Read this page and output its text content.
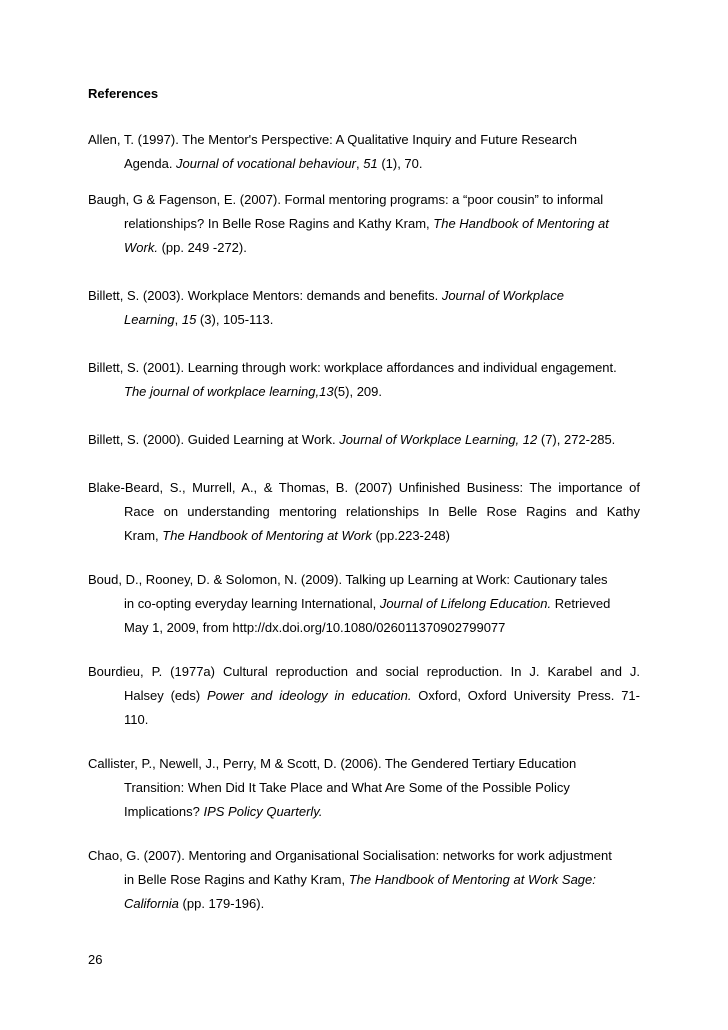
References
Allen, T. (1997). The Mentor's Perspective: A Qualitative Inquiry and Future Research
Agenda. Journal of vocational behaviour, 51 (1), 70.
Baugh, G & Fagenson, E. (2007). Formal mentoring programs: a “poor cousin” to informal
relationships? In Belle Rose Ragins and Kathy Kram, The Handbook of Mentoring at
Work. (pp. 249 -272).
Billett, S. (2003). Workplace Mentors: demands and benefits. Journal of Workplace
Learning, 15 (3), 105-113.
Billett, S. (2001). Learning through work: workplace affordances and individual engagement.
The journal of workplace learning,13(5), 209.
Billett, S. (2000). Guided Learning at Work. Journal of Workplace Learning, 12 (7), 272-285.
Blake-Beard, S., Murrell, A., & Thomas, B. (2007) Unfinished Business: The importance of
Race on understanding mentoring relationships In Belle Rose Ragins and Kathy
Kram, The Handbook of Mentoring at Work (pp.223-248)
Boud, D., Rooney, D. & Solomon, N. (2009). Talking up Learning at Work: Cautionary tales
in co-opting everyday learning International, Journal of Lifelong Education. Retrieved
May 1, 2009, from http://dx.doi.org/10.1080/026011370902799077
Bourdieu, P. (1977a) Cultural reproduction and social reproduction. In J. Karabel and J.
Halsey (eds) Power and ideology in education. Oxford, Oxford University Press. 71-
110.
Callister, P., Newell, J., Perry, M & Scott, D. (2006). The Gendered Tertiary Education
Transition: When Did It Take Place and What Are Some of the Possible Policy
Implications? IPS Policy Quarterly.
Chao, G. (2007). Mentoring and Organisational Socialisation: networks for work adjustment
in Belle Rose Ragins and Kathy Kram, The Handbook of Mentoring at Work Sage:
California (pp. 179-196).
26
